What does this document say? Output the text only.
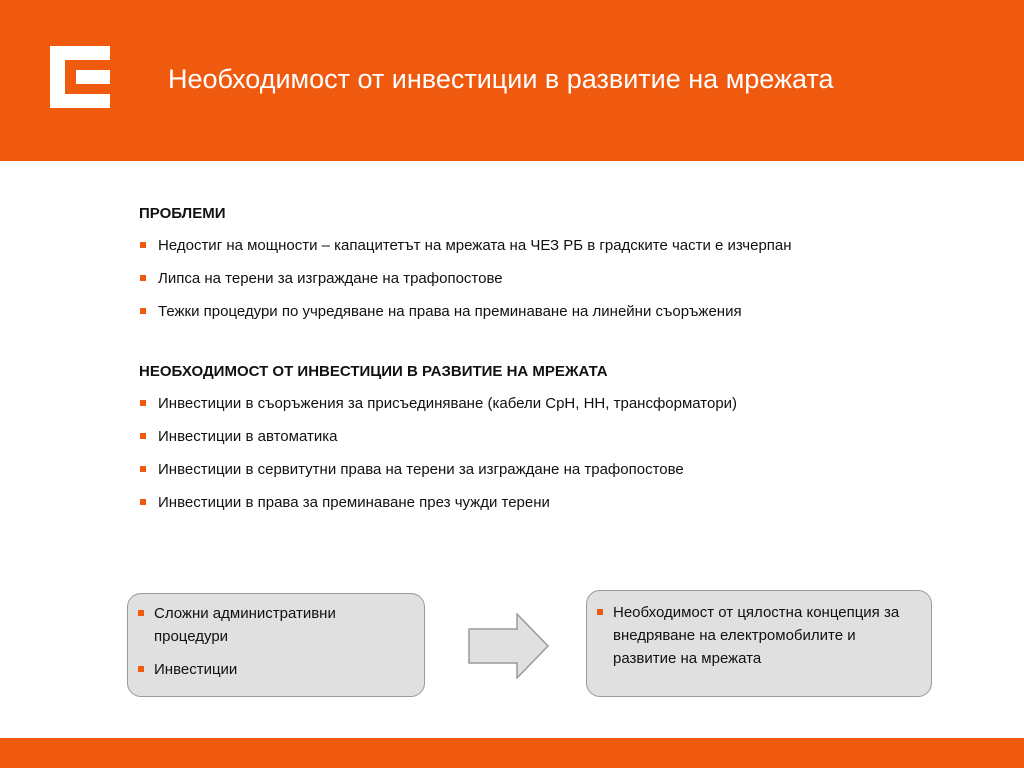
Необходимост от инвестиции в развитие на мрежата
ПРОБЛЕМИ
Недостиг на мощности – капацитетът на мрежата на ЧЕЗ РБ в градските части е изчерпан
Липса на терени за изграждане на трафопостове
Тежки процедури по учредяване на права на преминаване на линейни съоръжения
НЕОБХОДИМОСТ ОТ ИНВЕСТИЦИИ В РАЗВИТИЕ НА МРЕЖАТА
Инвестиции в съоръжения за присъединяване (кабели СрН, НН, трансформатори)
Инвестиции в автоматика
Инвестиции в сервитутни права на терени за изграждане на трафопостове
Инвестиции в права за преминаване през чужди терени
Сложни административни процедури
Инвестиции
Необходимост от цялостна концепция за внедряване на електромобилите и развитие на мрежата
